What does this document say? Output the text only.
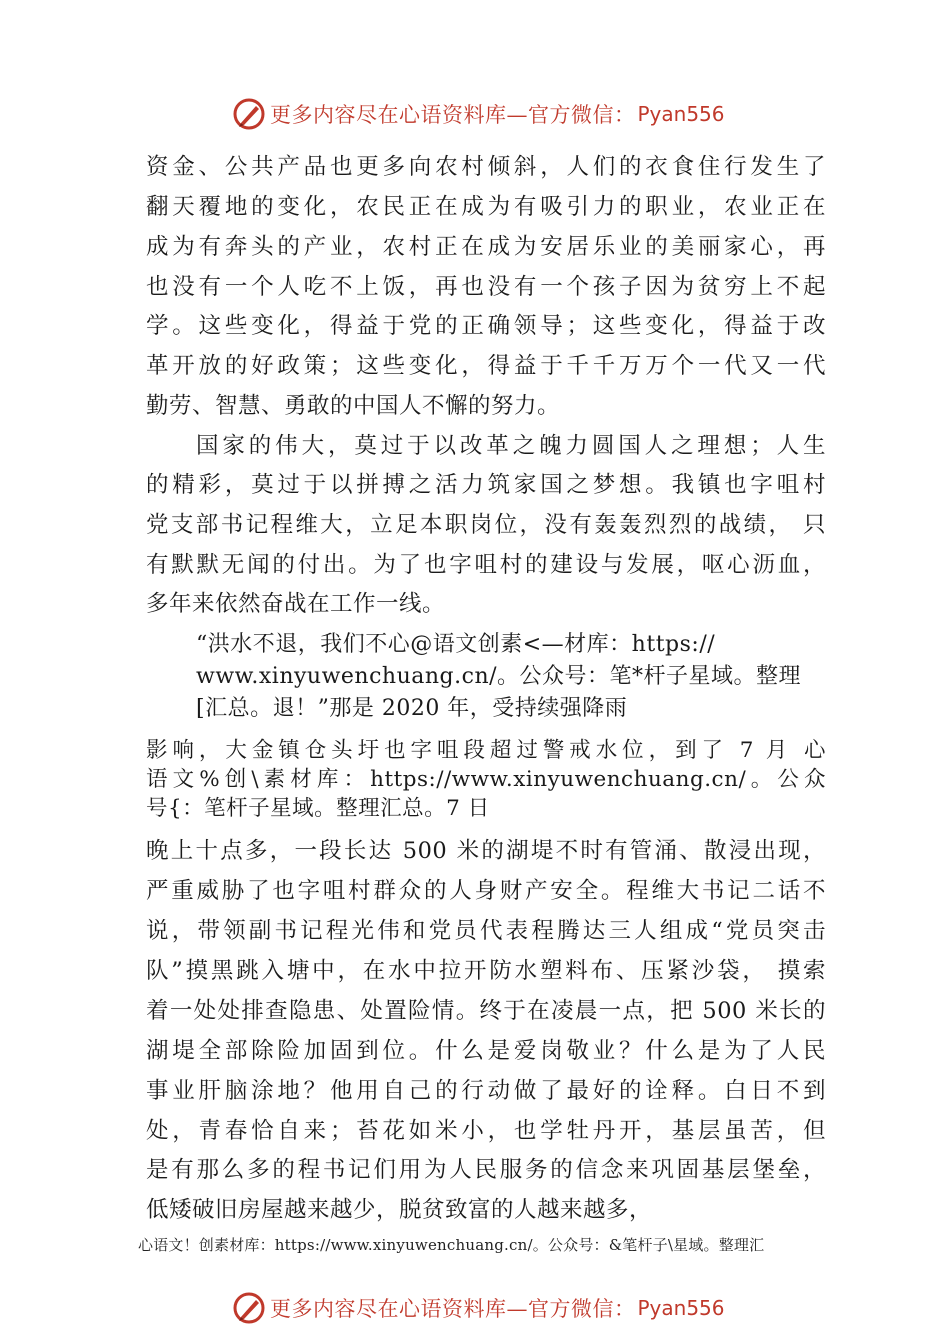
更多内容尽在心语资料库—官方微信： Pyan556
资金、公共产品也更多向农村倾斜，人们的衣食住行发生了
翻天覆地的变化，农民正在成为有吸引力的职业，农业正在
成为有奔头的产业，农村正在成为安居乐业的美丽家心，再
也没有一个人吃不上饭，再也没有一个孩子因为贫穷上不起
学。这些变化，得益于党的正确领导；这些变化，得益于改
革开放的好政策；这些变化，得益于千千万万个一代又一代
勤劳、智慧、勇敢的中国人不懈的努力。
国家的伟大，莫过于以改革之魄力圆国人之理想；人生
的精彩，莫过于以拼搏之活力筑家国之梦想。我镇也字咀村
党支部书记程维大，立足本职岗位，没有轰轰烈烈的战绩， 只
有默默无闻的付出。为了也字咀村的建设与发展，呕心沥血，
多年来依然奋战在工作一线。
“洪水不退，我们不心@语文创素<—材库：https://
www.xinyuwenchuang.cn/。公众号：笔*杆子星域。整理
[汇总。退！”那是 2020 年，受持续强降雨
影响，大金镇仓头圩也字咀段超过警戒水位，到了 7 月 心
语文%创\素材库：https://www.xinyuwenchuang.cn/。公众
号{：笔杆子星域。整理汇总。7 日
晚上十点多，一段长达 500 米的湖堤不时有管涌、散浸出现，
严重威胁了也字咀村群众的人身财产安全。程维大书记二话不
说，带领副书记程光伟和党员代表程腾达三人组成“党员突击
队”摸黑跳入塘中，在水中拉开防水塑料布、压紧沙袋， 摸索
着一处处排查隐患、处置险情。终于在凌晨一点，把 500 米长的
湖堤全部除险加固到位。什么是爱岗敬业？什么是为了人民
事业肝脑涂地？他用自己的行动做了最好的诠释。白日不到
处，青春恰自来；苔花如米小，也学牡丹开，基层虽苦，但
是有那么多的程书记们用为人民服务的信念来巩固基层堡垒，
低矮破旧房屋越来越少，脱贫致富的人越来越多，
心语文！创素材库：https://www.xinyuwenchuang.cn/。公众号：&笔杆子\星域。整理汇
更多内容尽在心语资料库—官方微信： Pyan556
